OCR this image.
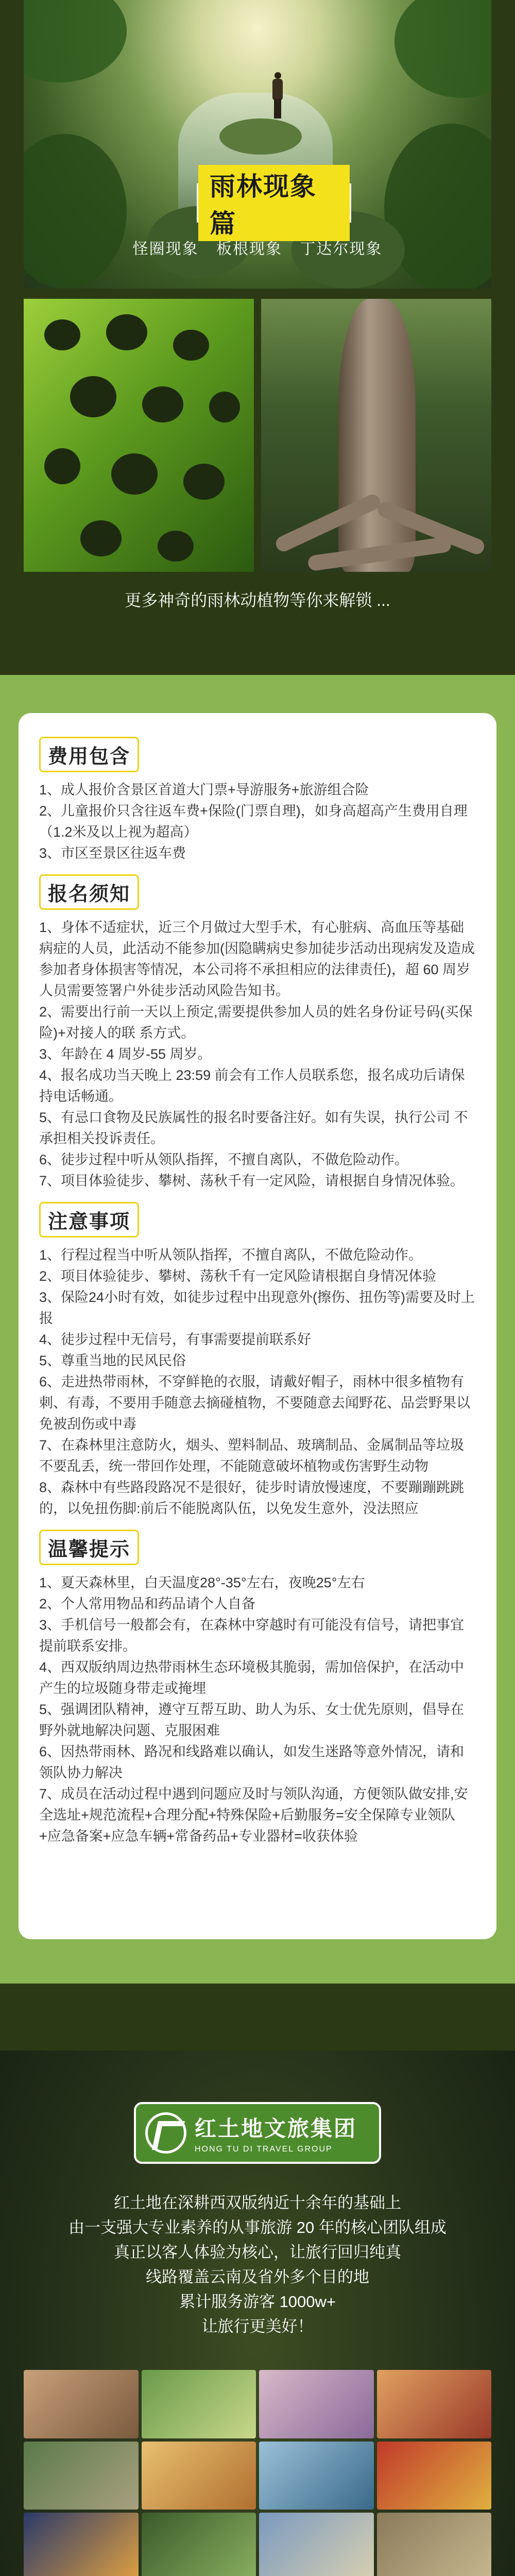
雨林现象篇
怪圈现象 板根现象 丁达尔现象
更多神奇的雨林动植物等你来解锁 ...
费用包含
1、成人报价含景区首道大门票+导游服务+旅游组合险
2、儿童报价只含往返车费+保险(门票自理)，如身高超高产生费用自理（1.2米及以上视为超高）
3、市区至景区往返车费
报名须知
1、身体不适症状，近三个月做过大型手术，有心脏病、高血压等基础病症的人员，此活动不能参加(因隐瞒病史参加徒步活动出现病发及造成参加者身体损害等情况，本公司将不承担相应的法律责任)，超 60 周岁人员需要签署户外徒步活动风险告知书。
2、需要出行前一天以上预定,需要提供参加人员的姓名身份证号码(买保险)+对接人的联 系方式。
3、年龄在 4 周岁-55 周岁。
4、报名成功当天晚上 23:59 前会有工作人员联系您，报名成功后请保持电话畅通。
5、有忌口食物及民族属性的报名时要备注好。如有失误，执行公司 不承担相关投诉责任。
6、徒步过程中听从领队指挥，不擅自离队，不做危险动作。
7、项目体验徒步、攀树、荡秋千有一定风险，请根据自身情况体验。
注意事项
1、行程过程当中听从领队指挥，不擅自离队，不做危险动作。
2、项目体验徒步、攀树、荡秋千有一定风险请根据自身情况体验
3、保险24小时有效，如徒步过程中出现意外(擦伤、扭伤等)需要及时上报
4、徒步过程中无信号，有事需要提前联系好
5、尊重当地的民风民俗
6、走进热带雨林，不穿鲜艳的衣服，请戴好帽子，雨林中很多植物有刺、有毒，不要用手随意去摘碰植物，不要随意去闻野花、品尝野果以免被刮伤或中毒
7、在森林里注意防火，烟头、塑料制品、玻璃制品、金属制品等垃圾不要乱丢，统一带回作处理，不能随意破坏植物或伤害野生动物
8、森林中有些路段路况不是很好，徒步时请放慢速度，不要蹦蹦跳跳的，以免扭伤脚:前后不能脱离队伍，以免发生意外，没法照应
温馨提示
1、夏天森林里，白天温度28°-35°左右，夜晚25°左右
2、个人常用物品和药品请个人自备
3、手机信号一般都会有，在森林中穿越时有可能没有信号，请把事宜提前联系安排。
4、西双版纳周边热带雨林生态环境极其脆弱，需加倍保护，在活动中产生的垃圾随身带走或掩埋
5、强调团队精神，遵守互帮互助、助人为乐、女士优先原则，倡导在野外就地解决问题、克服困难
6、因热带雨林、路况和线路难以确认，如发生迷路等意外情况，请和领队协力解决
7、成员在活动过程中遇到问题应及时与领队沟通，方便领队做安排,安全选址+规范流程+合理分配+特殊保险+后勤服务=安全保障专业领队+应急备案+应急车辆+常备药品+专业器材=收获体验
红土地文旅集团
HONG TU DI TRAVEL GROUP
红土地在深耕西双版纳近十余年的基础上
由一支强大专业素养的从事旅游 20 年的核心团队组成
真正以客人体验为核心，让旅行回归纯真
线路覆盖云南及省外多个目的地
累计服务游客 1000w+
让旅行更美好！
